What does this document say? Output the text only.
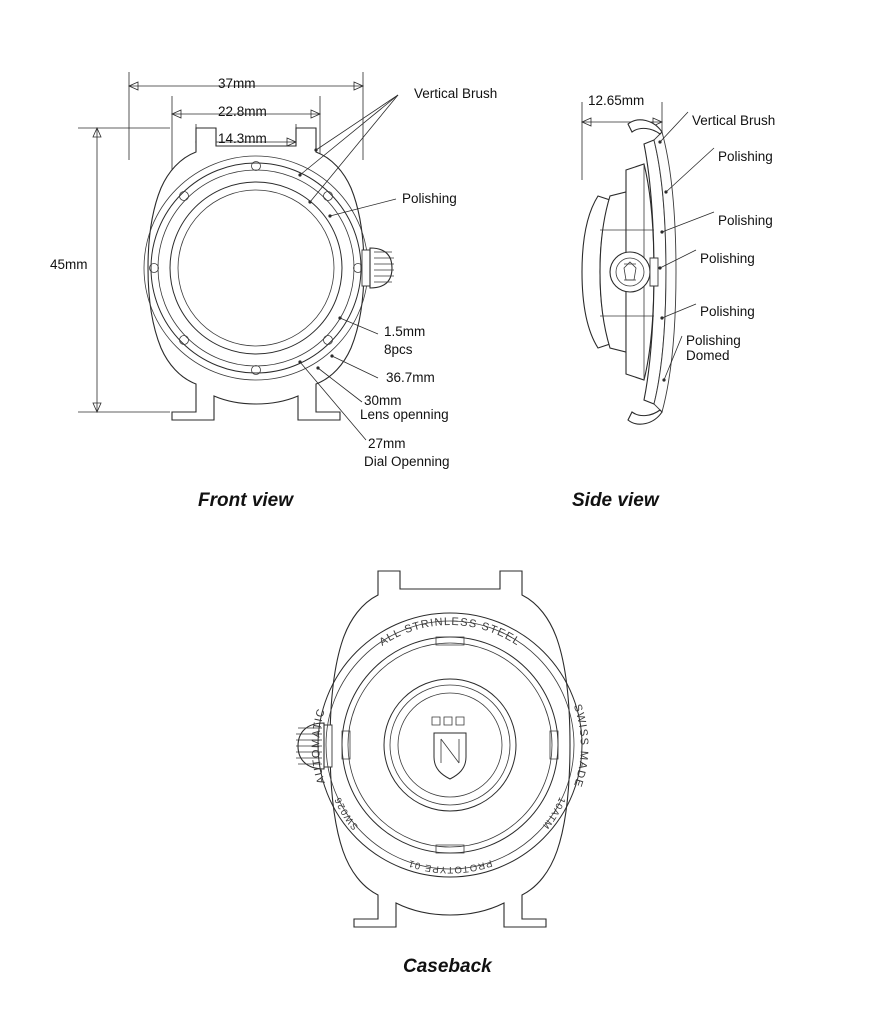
37mm
22.8mm
14.3mm
45mm
Vertical Brush
Polishing
1.5mm
8pcs
36.7mm
30mm
Lens openning
27mm
Dial Openning
Front view
12.65mm
Vertical Brush
Polishing
Polishing
Polishing
Polishing
Polishing
Domed
Side view
ALL STRINLESS STEEL
SWISS MADE
AUTOMATIC
SW026	10ATM
PROTOTYPE 01
Caseback
